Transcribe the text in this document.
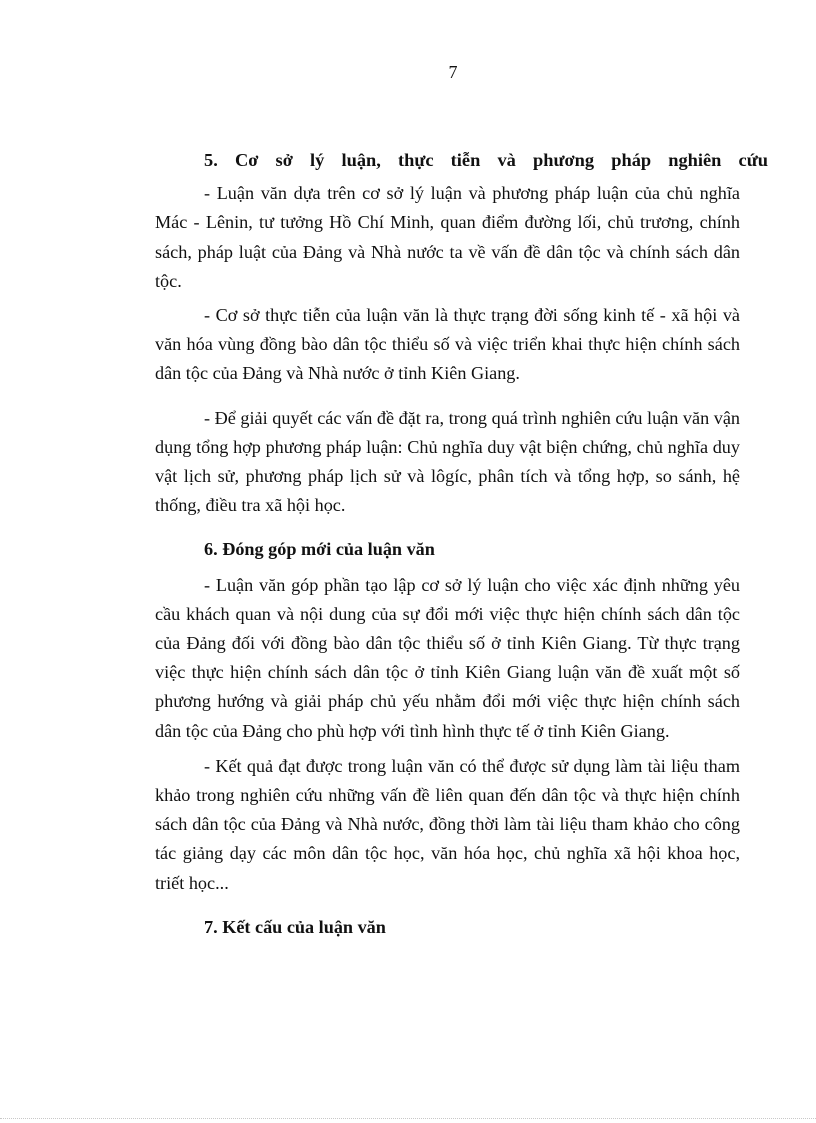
7

5. Cơ sở lý luận, thực tiễn và phương pháp nghiên cứu

- Luận văn dựa trên cơ sở lý luận và phương pháp luận của chủ nghĩa Mác - Lênin, tư tưởng Hồ Chí Minh, quan điểm đường lối, chủ trương, chính sách, pháp luật của Đảng và Nhà nước ta về vấn đề dân tộc và chính sách dân tộc.

- Cơ sở thực tiễn của luận văn là thực trạng đời sống kinh tế - xã hội và văn hóa vùng đồng bào dân tộc thiểu số và việc triển khai thực hiện chính sách dân tộc của Đảng và Nhà nước ở tỉnh Kiên Giang.

- Để giải quyết các vấn đề đặt ra, trong quá trình nghiên cứu luận văn vận dụng tổng hợp phương pháp luận: Chủ nghĩa duy vật biện chứng, chủ nghĩa duy vật lịch sử, phương pháp lịch sử và lôgíc, phân tích và tổng hợp, so sánh, hệ thống, điều tra xã hội học.

6. Đóng góp mới của luận văn

- Luận văn góp phần tạo lập cơ sở lý luận cho việc xác định những yêu cầu khách quan và nội dung của sự đổi mới việc thực hiện chính sách dân tộc của Đảng đối với đồng bào dân tộc thiểu số ở tỉnh Kiên Giang. Từ thực trạng việc thực hiện chính sách dân tộc ở tỉnh Kiên Giang luận văn đề xuất một số phương hướng và giải pháp chủ yếu nhằm đổi mới việc thực hiện chính sách dân tộc của Đảng cho phù hợp với tình hình thực tế ở tỉnh Kiên Giang.

- Kết quả đạt được trong luận văn có thể được sử dụng làm tài liệu tham khảo trong nghiên cứu những vấn đề liên quan đến dân tộc và thực hiện chính sách dân tộc của Đảng và Nhà nước, đồng thời làm tài liệu tham khảo cho công tác giảng dạy các môn dân tộc học, văn hóa học, chủ nghĩa xã hội khoa học, triết học...

7. Kết cấu của luận văn
